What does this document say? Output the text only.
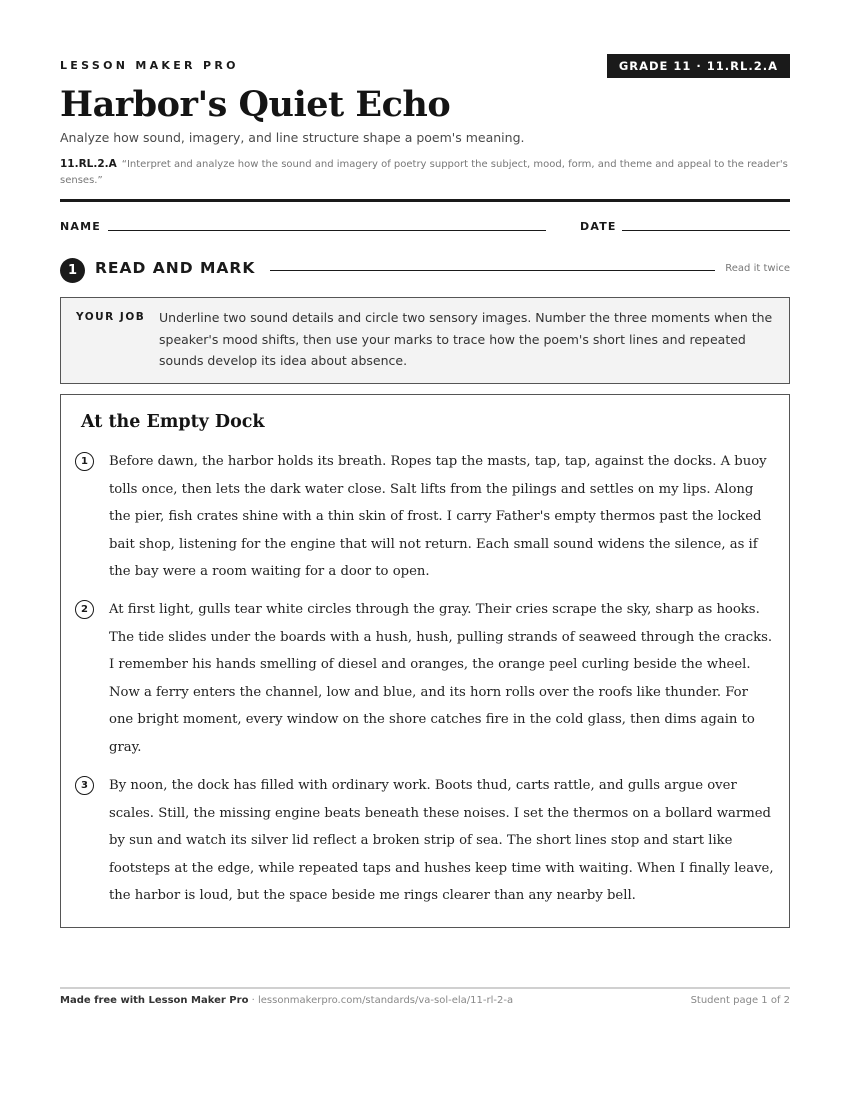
LESSON MAKER PRO	GRADE 11 · 11.RL.2.A
Harbor's Quiet Echo
Analyze how sound, imagery, and line structure shape a poem's meaning.
11.RL.2.A “Interpret and analyze how the sound and imagery of poetry support the subject, mood, form, and theme and appeal to the reader's senses.”
NAME	DATE
1	READ AND MARK	Read it twice
YOUR JOB Underline two sound details and circle two sensory images. Number the three moments when the speaker's mood shifts, then use your marks to trace how the poem's short lines and repeated sounds develop its idea about absence.
At the Empty Dock
1	Before dawn, the harbor holds its breath. Ropes tap the masts, tap, tap, against the docks. A buoy tolls once, then lets the dark water close. Salt lifts from the pilings and settles on my lips. Along the pier, fish crates shine with a thin skin of frost. I carry Father's empty thermos past the locked bait shop, listening for the engine that will not return. Each small sound widens the silence, as if the bay were a room waiting for a door to open.

2	At first light, gulls tear white circles through the gray. Their cries scrape the sky, sharp as hooks. The tide slides under the boards with a hush, hush, pulling strands of seaweed through the cracks. I remember his hands smelling of diesel and oranges, the orange peel curling beside the wheel. Now a ferry enters the channel, low and blue, and its horn rolls over the roofs like thunder. For one bright moment, every window on the shore catches fire in the cold glass, then dims again to gray.

3	By noon, the dock has filled with ordinary work. Boots thud, carts rattle, and gulls argue over scales. Still, the missing engine beats beneath these noises. I set the thermos on a bollard warmed by sun and watch its silver lid reflect a broken strip of sea. The short lines stop and start like footsteps at the edge, while repeated taps and hushes keep time with waiting. When I finally leave, the harbor is loud, but the space beside me rings clearer than any nearby bell.

Made free with Lesson Maker Pro · lessonmakerpro.com/standards/va-sol-ela/11-rl-2-a	Student page 1 of 2
